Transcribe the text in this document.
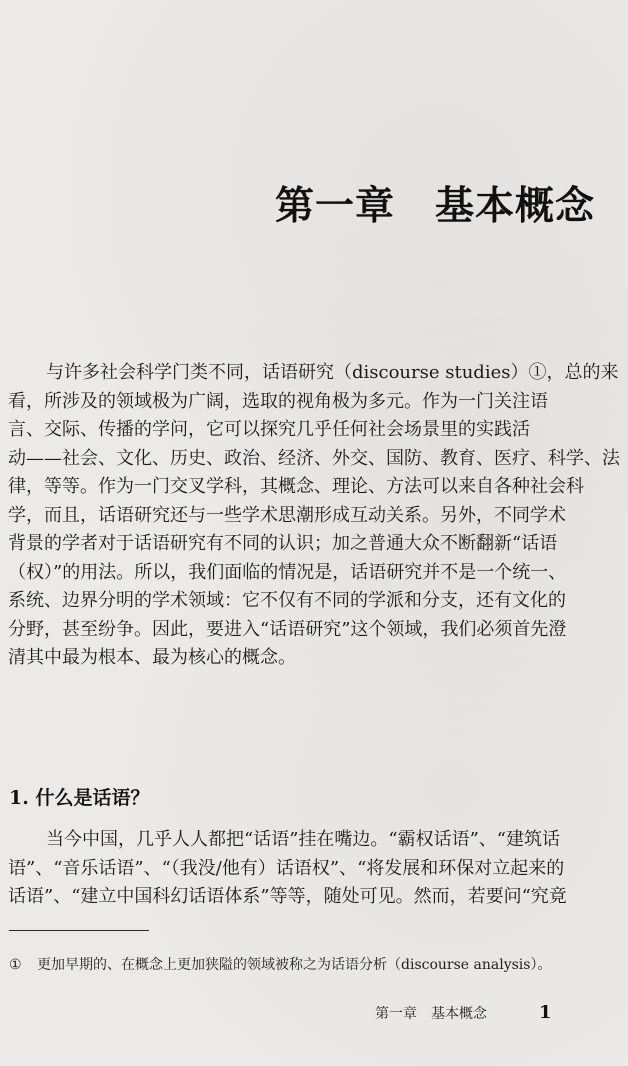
第一章　基本概念
与许多社会科学门类不同，话语研究（discourse studies）①，总的来
看，所涉及的领域极为广阔，选取的视角极为多元。作为一门关注语
言、交际、传播的学问，它可以探究几乎任何社会场景里的实践活
动——社会、文化、历史、政治、经济、外交、国防、教育、医疗、科学、法
律，等等。作为一门交叉学科，其概念、理论、方法可以来自各种社会科
学，而且，话语研究还与一些学术思潮形成互动关系。另外，不同学术
背景的学者对于话语研究有不同的认识；加之普通大众不断翻新“话语
（权）”的用法。所以，我们面临的情况是，话语研究并不是一个统一、
系统、边界分明的学术领域：它不仅有不同的学派和分支，还有文化的
分野，甚至纷争。因此，要进入“话语研究”这个领域，我们必须首先澄
清其中最为根本、最为核心的概念。
1. 什么是话语？
当今中国，几乎人人都把“话语”挂在嘴边。“霸权话语”、“建筑话
语”、“音乐话语”、“（我没/他有）话语权”、“将发展和环保对立起来的
话语”、“建立中国科幻话语体系”等等，随处可见。然而，若要问“究竟
① 更加早期的、在概念上更加狭隘的领域被称之为话语分析（discourse analysis）。
第一章　基本概念	1
